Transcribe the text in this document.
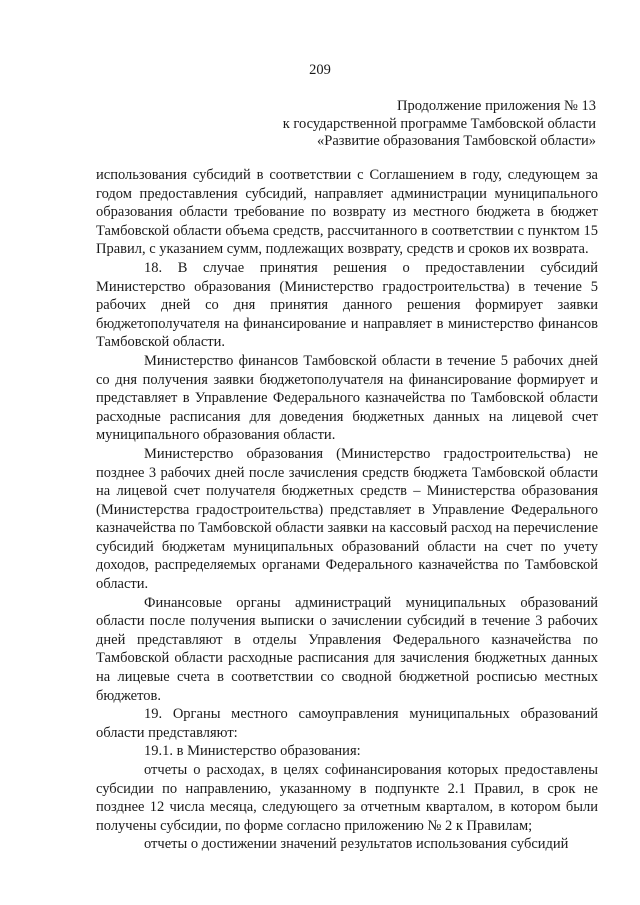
209
Продолжение приложения № 13
к государственной программе Тамбовской области
«Развитие образования Тамбовской области»

использования субсидий в соответствии с Соглашением в году, следующем за годом предоставления субсидий, направляет администрации муниципального образования области требование по возврату из местного бюджета в бюджет Тамбовской области объема средств, рассчитанного в соответствии с пунктом 15 Правил, с указанием сумм, подлежащих возврату, средств и сроков их возврата.

18. В случае принятия решения о предоставлении субсидий Министерство образования (Министерство градостроительства) в течение 5 рабочих дней со дня принятия данного решения формирует заявки бюджетополучателя на финансирование и направляет в министерство финансов Тамбовской области.

Министерство финансов Тамбовской области в течение 5 рабочих дней со дня получения заявки бюджетополучателя на финансирование формирует и представляет в Управление Федерального казначейства по Тамбовской области расходные расписания для доведения бюджетных данных на лицевой счет муниципального образования области.

Министерство образования (Министерство градостроительства) не позднее 3 рабочих дней после зачисления средств бюджета Тамбовской области на лицевой счет получателя бюджетных средств – Министерства образования (Министерства градостроительства) представляет в Управление Федерального казначейства по Тамбовской области заявки на кассовый расход на перечисление субсидий бюджетам муниципальных образований области на счет по учету доходов, распределяемых органами Федерального казначейства по Тамбовской области.

Финансовые органы администраций муниципальных образований области после получения выписки о зачислении субсидий в течение 3 рабочих дней представляют в отделы Управления Федерального казначейства по Тамбовской области расходные расписания для зачисления бюджетных данных на лицевые счета в соответствии со сводной бюджетной росписью местных бюджетов.

19. Органы местного самоуправления муниципальных образований области представляют:

19.1. в Министерство образования:

отчеты о расходах, в целях софинансирования которых предоставлены субсидии по направлению, указанному в подпункте 2.1 Правил, в срок не позднее 12 числа месяца, следующего за отчетным кварталом, в котором были получены субсидии, по форме согласно приложению № 2 к Правилам;

отчеты о достижении значений результатов использования субсидий
